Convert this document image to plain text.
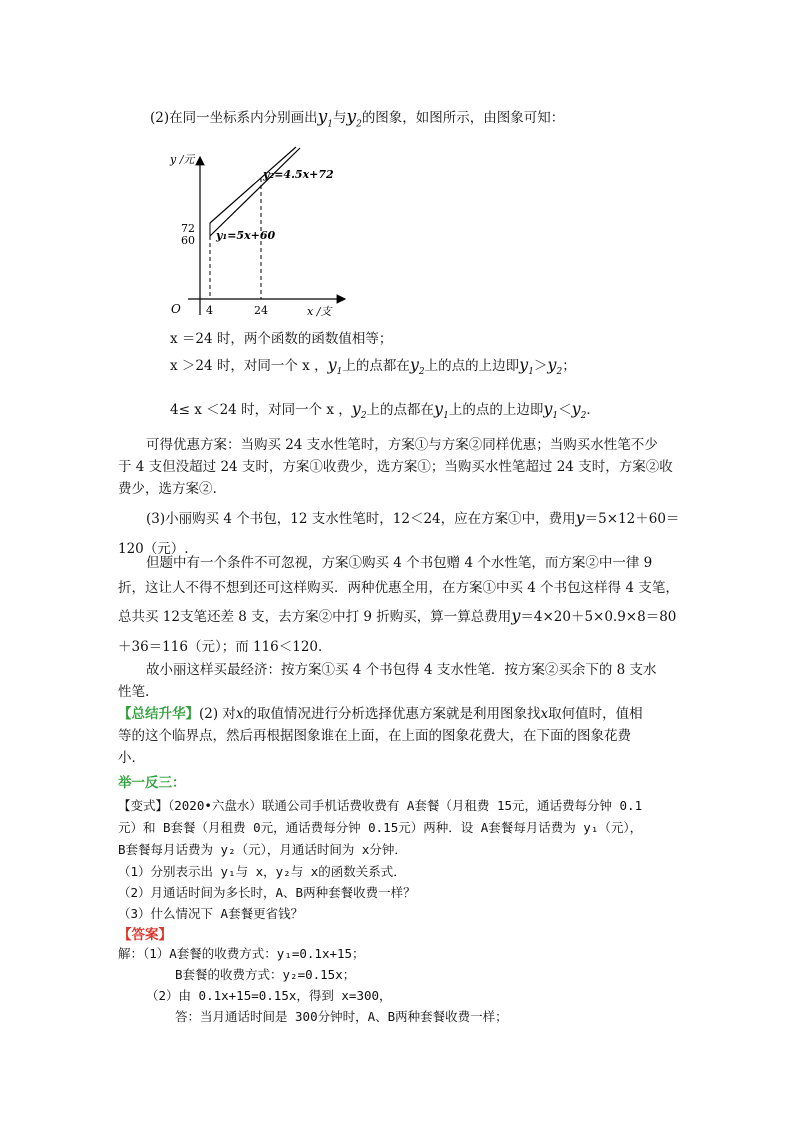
(2)在同一坐标系内分别画出$y_1$与$y_2$的图象，如图所示，由图象可知：
y /元
x /支
O 4	24
72
60
y₂=4.5x+72
y₁=5x+60
x ＝24 时，两个函数的函数值相等；
x ＞24 时，对同一个 x ，$y_1$上的点都在$y_2$上的点的上边即$y_1>y_2$；
4≤ x ＜24 时，对同一个 x ，$y_2$上的点都在$y_1$上的点的上边即$y_1<y_2$．
可得优惠方案：当购买 24 支水性笔时，方案①与方案②同样优惠；当购买水性笔不少
于 4 支但没超过 24 支时，方案①收费少，选方案①；当购买水性笔超过 24 支时，方案②收
费少，选方案②.
(3)小丽购买 4 个书包，12 支水性笔时，12＜24，应在方案①中，费用y＝5×12＋60＝
120（元）.
但题中有一个条件不可忽视，方案①购买 4 个书包赠 4 个水性笔，而方案②中一律 9
折，这让人不得不想到还可这样购买．两种优惠全用，在方案①中买 4 个书包这样得 4 支笔，
总共买 12支笔还差 8 支，去方案②中打 9 折购买，算一算总费用y＝4×20＋5×0.9×8＝80
＋36＝116（元）；而 116＜120．
故小丽这样买最经济：按方案①买 4 个书包得 4 支水性笔．按方案②买余下的 8 支水
性笔.
【总结升华】(2) 对x的取值情况进行分析选择优惠方案就是利用图象找x取何值时，值相
等的这个临界点，然后再根据图象谁在上面，在上面的图象花费大，在下面的图象花费
小．
举一反三：
【变式】（2020•六盘水）联通公司手机话费收费有 A套餐（月租费 15元，通话费每分钟 0.1
元）和 B套餐（月租费 0元，通话费每分钟 0.15元）两种．设 A套餐每月话费为 y₁（元），
B套餐每月话费为 y₂（元），月通话时间为 x分钟．
（1）分别表示出 y₁与 x，y₂与 x的函数关系式．
（2）月通话时间为多长时，A、B两种套餐收费一样？
（3）什么情况下 A套餐更省钱？
【答案】
解：（1）A套餐的收费方式：y₁=0.1x+15；
B套餐的收费方式：y₂=0.15x；
（2）由 0.1x+15=0.15x，得到 x=300，
答：当月通话时间是 300分钟时，A、B两种套餐收费一样；
